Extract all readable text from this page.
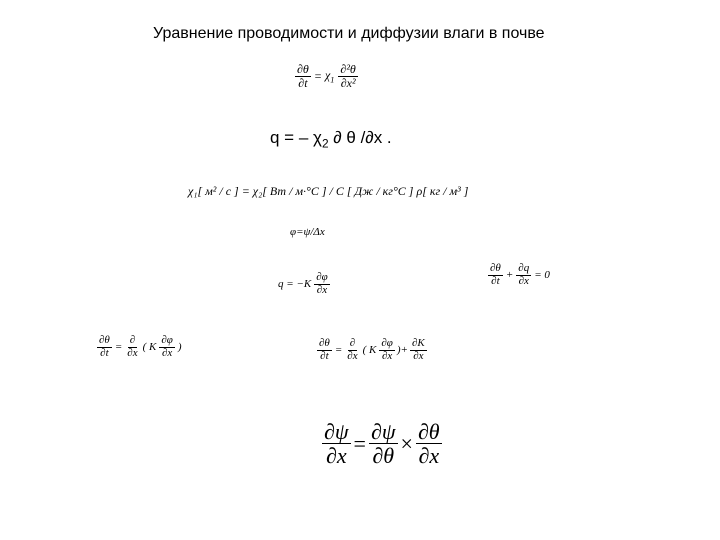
Уравнение проводимости и диффузии влаги в почве
$\frac{\partial\theta}{\partial t} = \chi_1 \frac{\text{∂²θ}}{\text{∂x²}}$
q = – $\chi_2$ ∂ θ /∂x .
χ₁[ м² / с ] = χ₂[ Вт / м·°С ] / С [ Дж / кг°С ] ρ[ кг / м³ ]
φ=ψ/Δх
$q = -K \frac{\partial\varphi}{\partial x}$	$\frac{\partial\theta}{\partial t} + \frac{\partial q}{\partial x} = 0$
$\frac{\partial\theta}{\partial t} = \frac{\partial}{\partial x}$ ( K $\frac{\partial\varphi}{\partial x}$ )	$\frac{\partial\theta}{\partial t} = \frac{\partial}{\partial x}$ ( K $\frac{\partial\varphi}{\partial x}$ )+ $\frac{\partial K}{\partial x}$
$\frac{\partial\psi}{\partial x} = \frac{\partial\psi}{\partial\theta} \times \frac{\partial\theta}{\partial x}$
